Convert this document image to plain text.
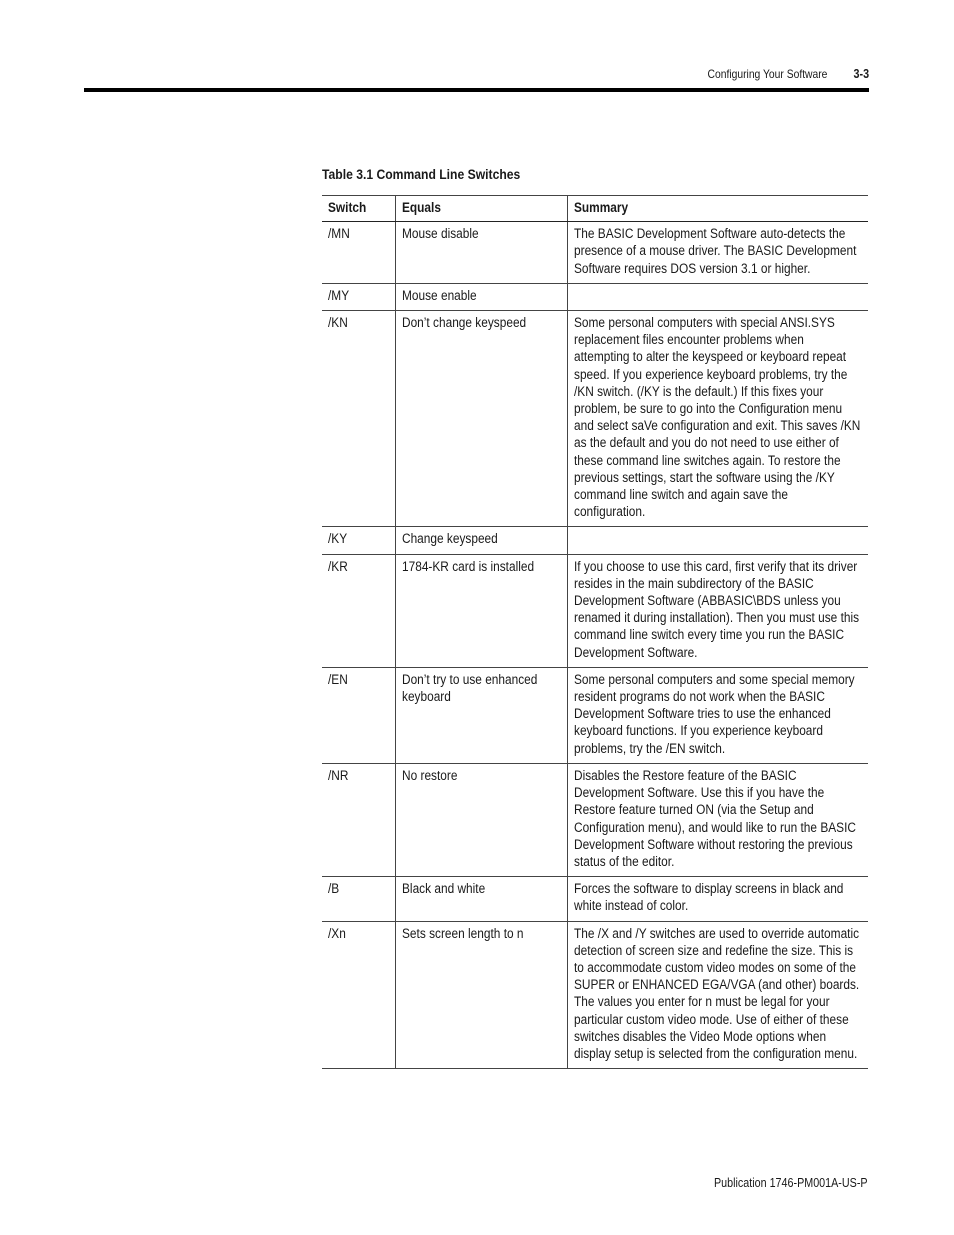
Configuring Your Software 3-3
Table 3.1 Command Line Switches
Switch	Equals	Summary

/MN	Mouse disable	The BASIC Development Software auto-detects the presence of a mouse driver. The BASIC Development Software requires DOS version 3.1 or higher.

/MY	Mouse enable	

/KN	Don’t change keyspeed	Some personal computers with special ANSI.SYS replacement files encounter problems when attempting to alter the keyspeed or keyboard repeat speed. If you experience keyboard problems, try the /KN switch. (/KY is the default.) If this fixes your problem, be sure to go into the Configuration menu and select saVe configuration and exit. This saves /KN as the default and you do not need to use either of these command line switches again. To restore the previous settings, start the software using the /KY command line switch and again save the configuration.

/KY	Change keyspeed	

/KR	1784-KR card is installed	If you choose to use this card, first verify that its driver resides in the main subdirectory of the BASIC Development Software (ABBASIC\BDS unless you renamed it during installation). Then you must use this command line switch every time you run the BASIC Development Software.

/EN	Don’t try to use enhanced keyboard	Some personal computers and some special memory resident programs do not work when the BASIC Development Software tries to use the enhanced keyboard functions. If you experience keyboard problems, try the /EN switch.

/NR	No restore	Disables the Restore feature of the BASIC Development Software. Use this if you have the Restore feature turned ON (via the Setup and Configuration menu), and would like to run the BASIC Development Software without restoring the previous status of the editor.

/B	Black and white	Forces the software to display screens in black and white instead of color.

/Xn	Sets screen length to n	The /X and /Y switches are used to override automatic detection of screen size and redefine the size. This is to accommodate custom video modes on some of the SUPER or ENHANCED EGA/VGA (and other) boards. The values you enter for n must be legal for your particular custom video mode. Use of either of these switches disables the Video Mode options when display setup is selected from the configuration menu.
Publication 1746-PM001A-US-P
